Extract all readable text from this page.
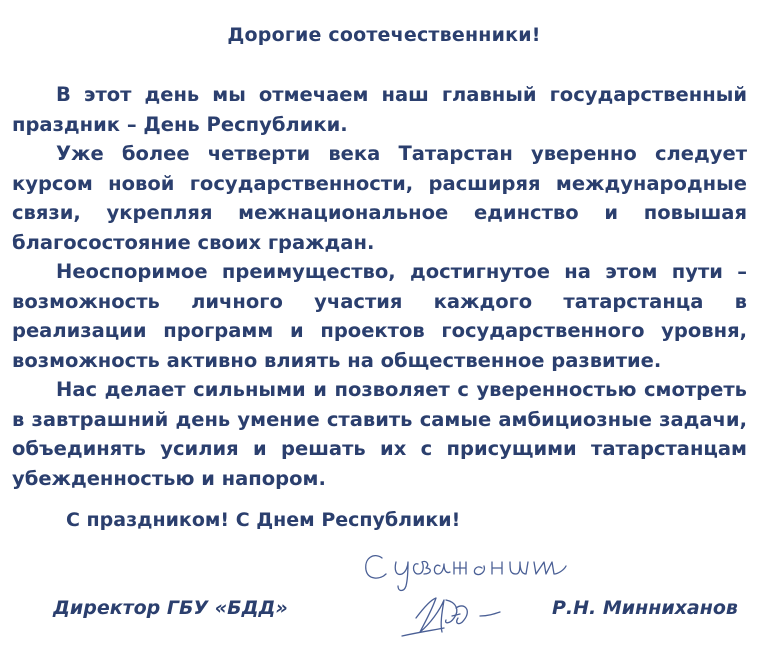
Дорогие соотечественники!

В этот день мы отмечаем наш главный государственный праздник – День Республики.

Уже более четверти века Татарстан уверенно следует курсом новой государственности, расширяя международные связи, укрепляя межнациональное единство и повышая благосостояние своих граждан.

Неоспоримое преимущество, достигнутое на этом пути – возможность личного участия каждого татарстанца в реализации программ и проектов государственного уровня, возможность активно влиять на общественное развитие.

Нас делает сильными и позволяет с уверенностью смотреть в завтрашний день умение ставить самые амбициозные задачи, объединять усилия и решать их с присущими татарстанцам убежденностью и напором.

С праздником! С Днем Республики!
Директор ГБУ «БДД»	Р.Н. Минниханов
